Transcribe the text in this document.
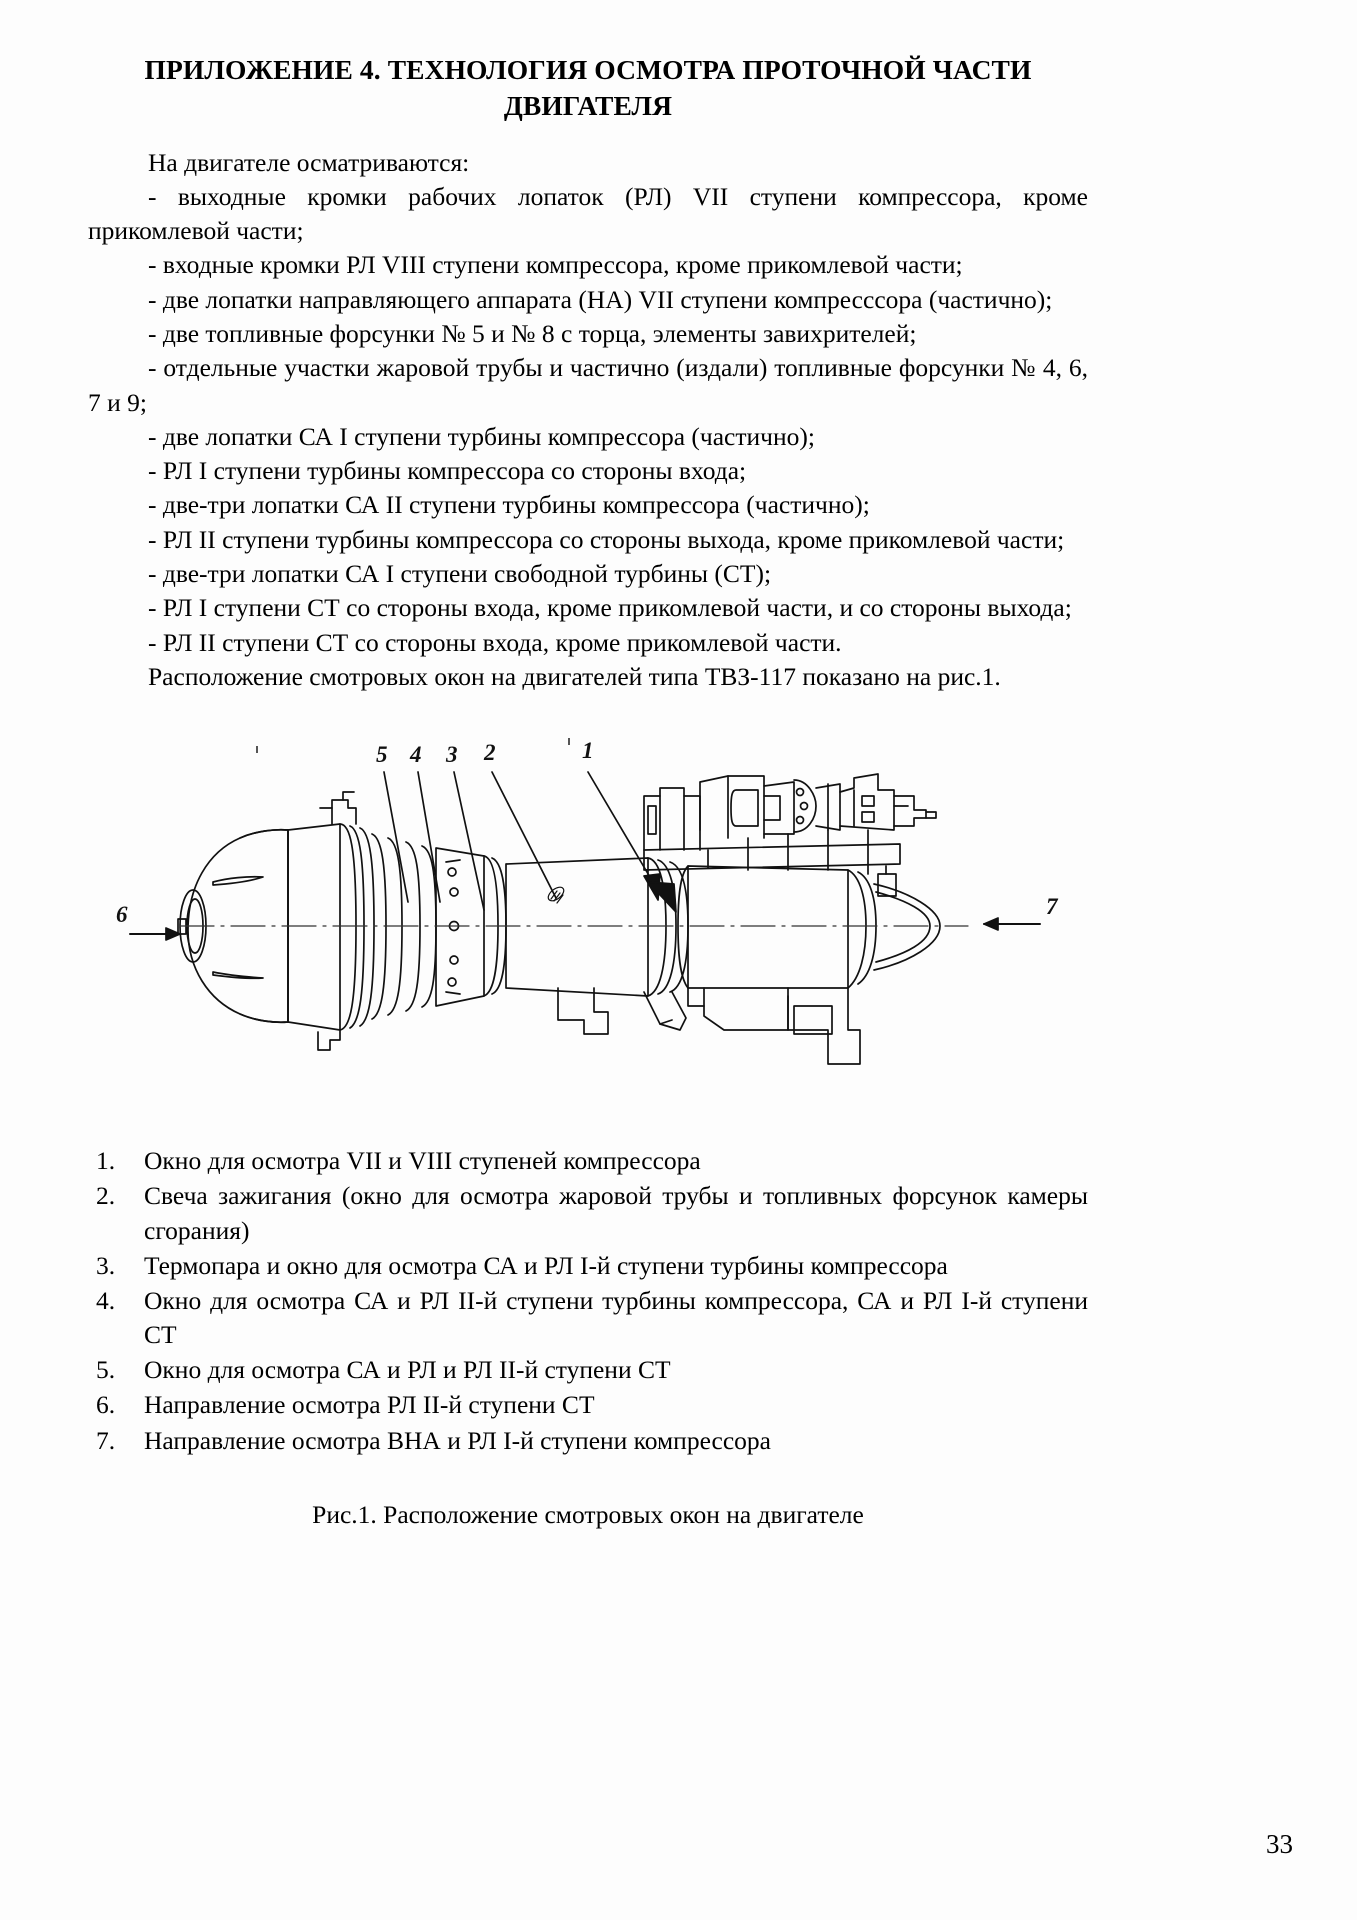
ПРИЛОЖЕНИЕ 4. ТЕХНОЛОГИЯ ОСМОТРА ПРОТОЧНОЙ ЧАСТИ ДВИГАТЕЛЯ

На двигателе осматриваются:

- выходные кромки рабочих лопаток (РЛ) VII ступени компрессора, кроме прикомлевой части;

- входные кромки РЛ VIII ступени компрессора, кроме прикомлевой части;

- две лопатки направляющего аппарата (НА) VII ступени компресссора (частично);

- две топливные форсунки № 5 и № 8 с торца, элементы завихрителей;

- отдельные участки жаровой трубы и частично (издали) топливные форсунки № 4, 6, 7 и 9;

- две лопатки СА I ступени турбины компрессора (частично);

- РЛ I ступени турбины компрессора со стороны входа;

- две-три лопатки СА II ступени турбины компрессора (частично);

- РЛ II ступени турбины компрессора со стороны выхода, кроме прикомлевой части;

- две-три лопатки СА I ступени свободной турбины (СТ);

- РЛ I ступени СТ со стороны входа, кроме прикомлевой части, и со стороны выхода;

- РЛ II ступени СТ со стороны входа, кроме прикомлевой части.

Расположение смотровых окон на двигателей типа ТВЗ-117 показано на рис.1.

5 4 3 2	1
6	7
1.	Окно для осмотра VII и VIII ступеней компрессора
2.	Свеча зажигания (окно для осмотра жаровой трубы и топливных форсунок камеры сгорания)
3.	Термопара и окно для осмотра СА и РЛ I-й ступени турбины компрессора
4.	Окно для осмотра СА и РЛ II-й ступени турбины компрессора, СА и РЛ I-й ступени СТ
5.	Окно для осмотра СА и РЛ и РЛ II-й ступени СТ
6.	Направление осмотра РЛ II-й ступени СТ
7.	Направление осмотра ВНА и РЛ I-й ступени компрессора
Рис.1. Расположение смотровых окон на двигателе
33
